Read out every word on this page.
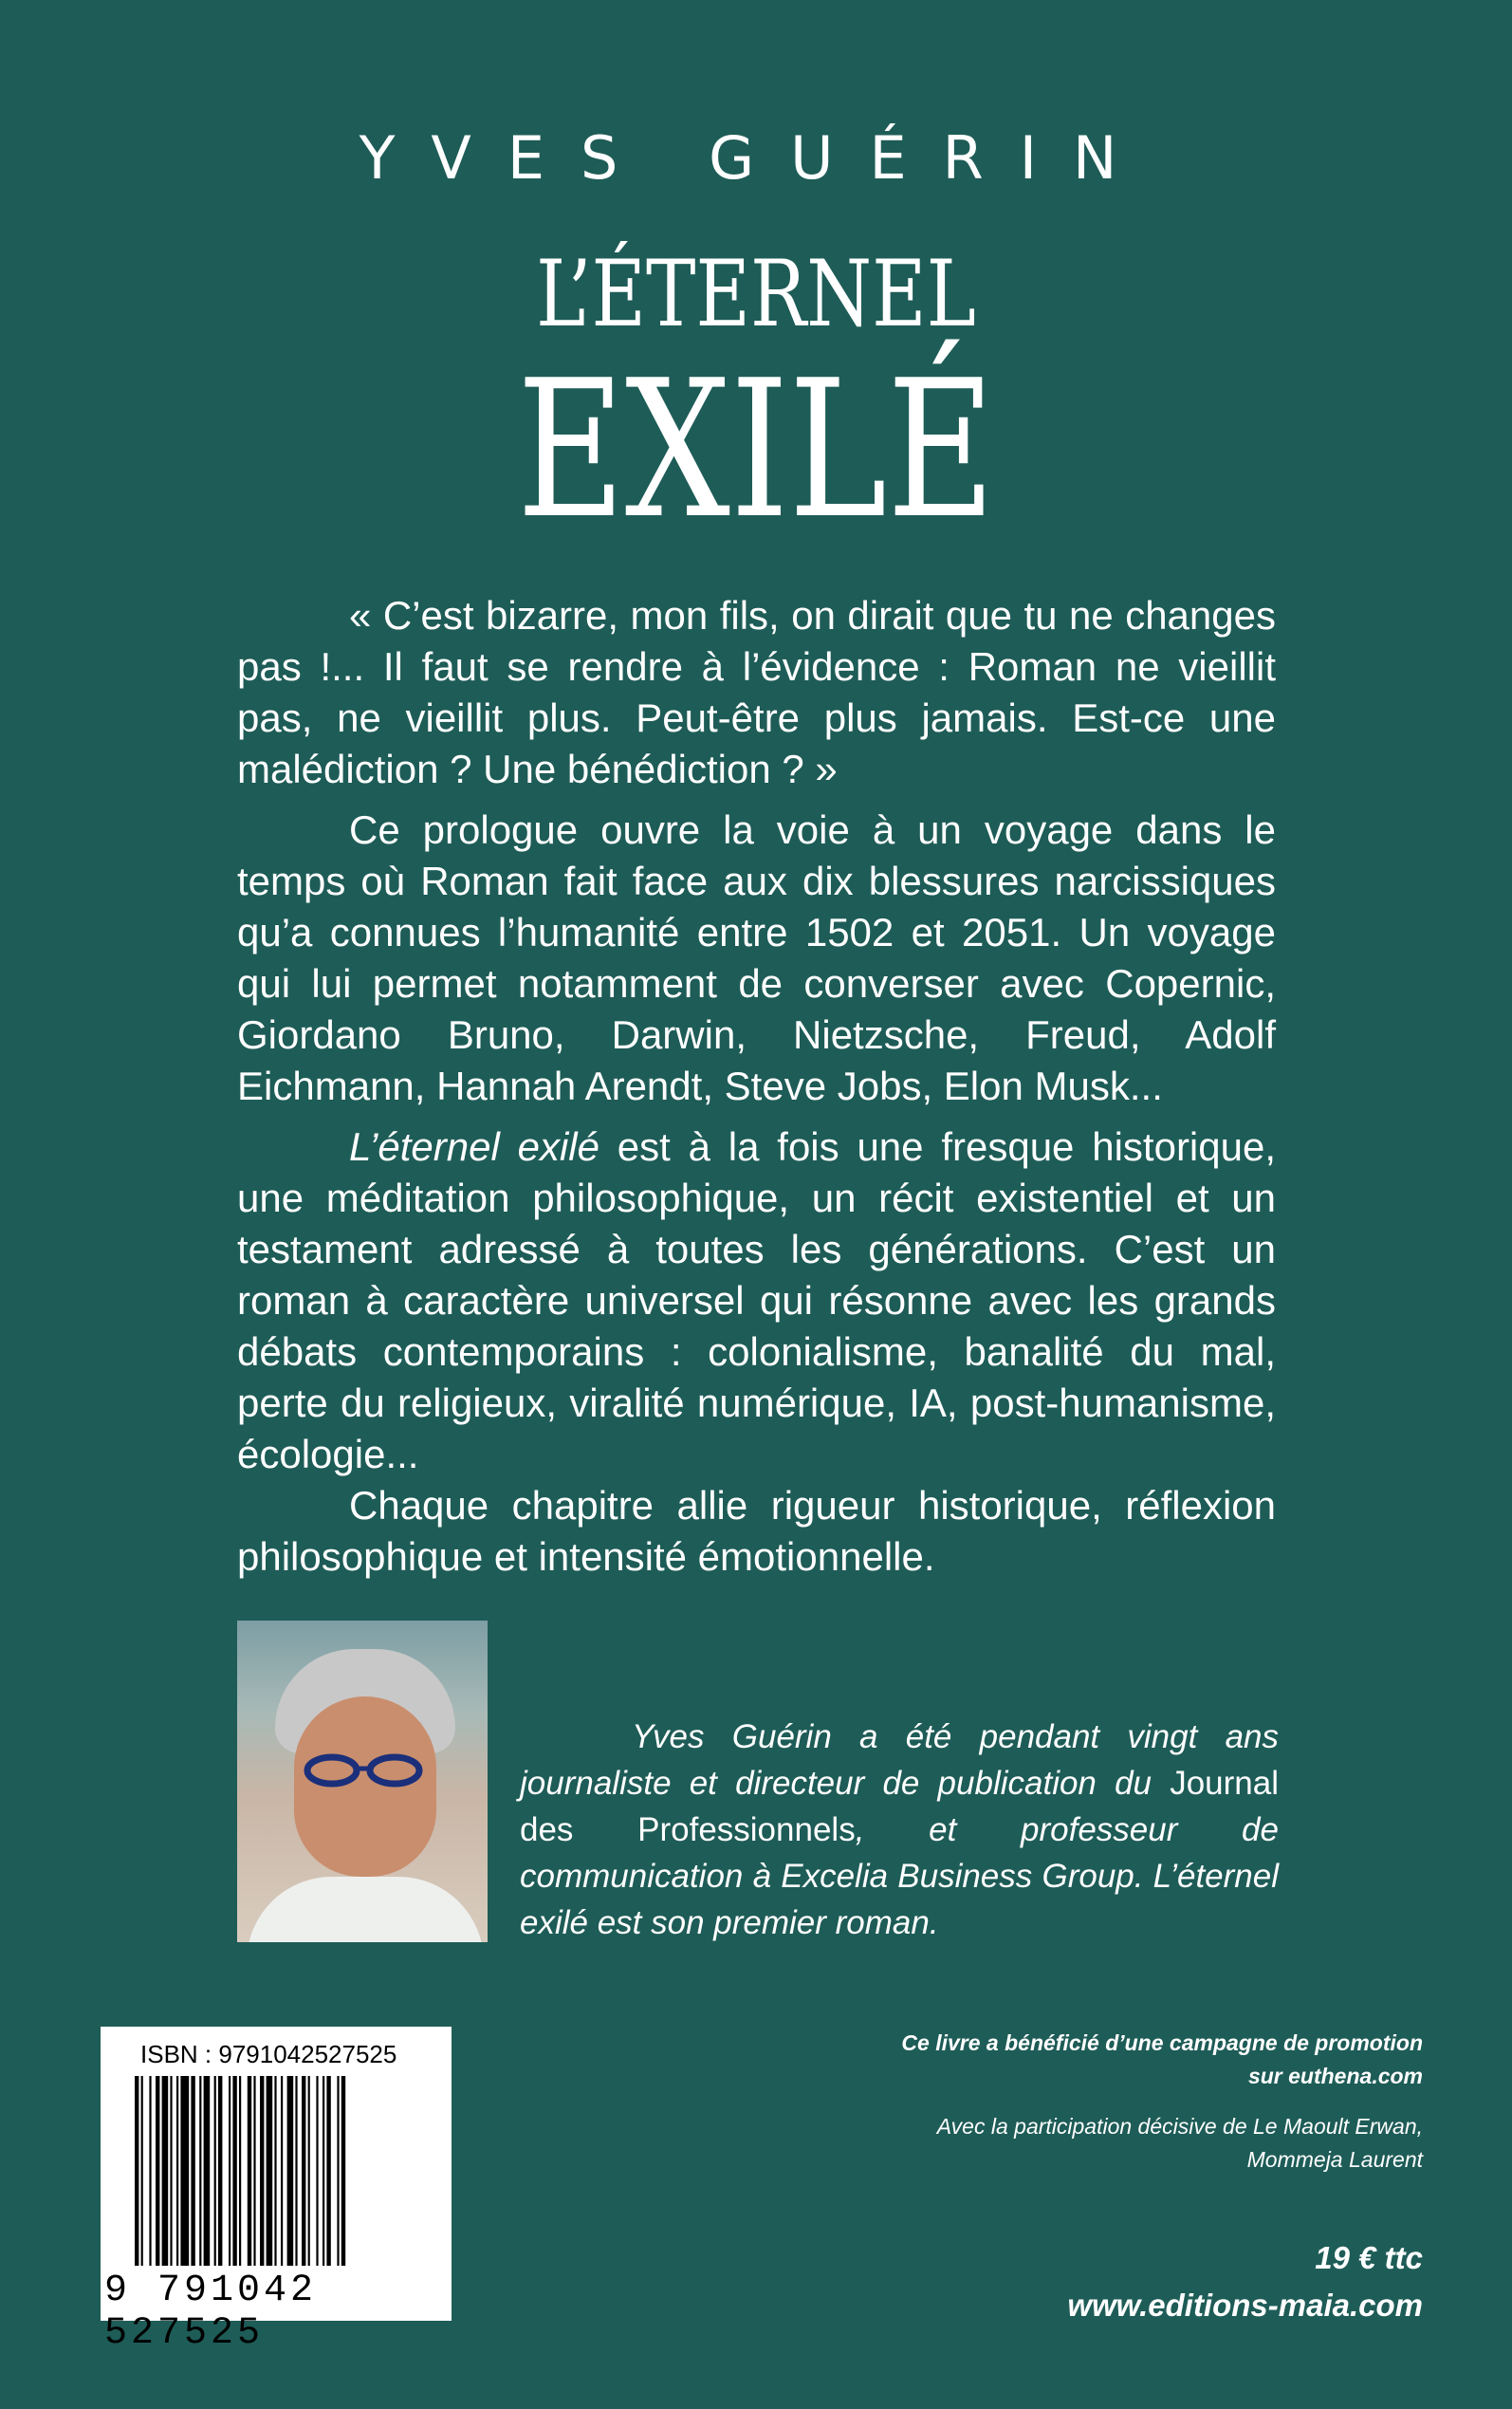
YVES GUÉRIN
L’ÉTERNEL
EXILÉ

« C’est bizarre, mon fils, on dirait que tu ne changes pas !... Il faut se rendre à l’évidence : Roman ne vieillit pas, ne vieillit plus. Peut-être plus jamais. Est-ce une malédiction ? Une bénédiction ? »

Ce prologue ouvre la voie à un voyage dans le temps où Roman fait face aux dix blessures narcissiques qu’a connues l’humanité entre 1502 et 2051. Un voyage qui lui permet notamment de converser avec Copernic, Giordano Bruno, Darwin, Nietzsche, Freud, Adolf Eichmann, Hannah Arendt, Steve Jobs, Elon Musk...

L’éternel exilé est à la fois une fresque historique, une méditation philosophique, un récit existentiel et un testament adressé à toutes les générations. C’est un roman à caractère universel qui résonne avec les grands débats contemporains : colonialisme, banalité du mal, perte du religieux, viralité numérique, IA, post-humanisme, écologie...

Chaque chapitre allie rigueur historique, réflexion philosophique et intensité émotionnelle.

Yves Guérin a été pendant vingt ans journaliste et directeur de publication du Journal des Professionnels, et professeur de communication à Excelia Business Group. L’éternel exilé est son premier roman.

ISBN : 9791042527525
9 791042 527525
Ce livre a bénéficié d’une campagne de promotion
sur euthena.com
Avec la participation décisive de Le Maoult Erwan,
Mommeja Laurent
19 € ttc
www.editions-maia.com
